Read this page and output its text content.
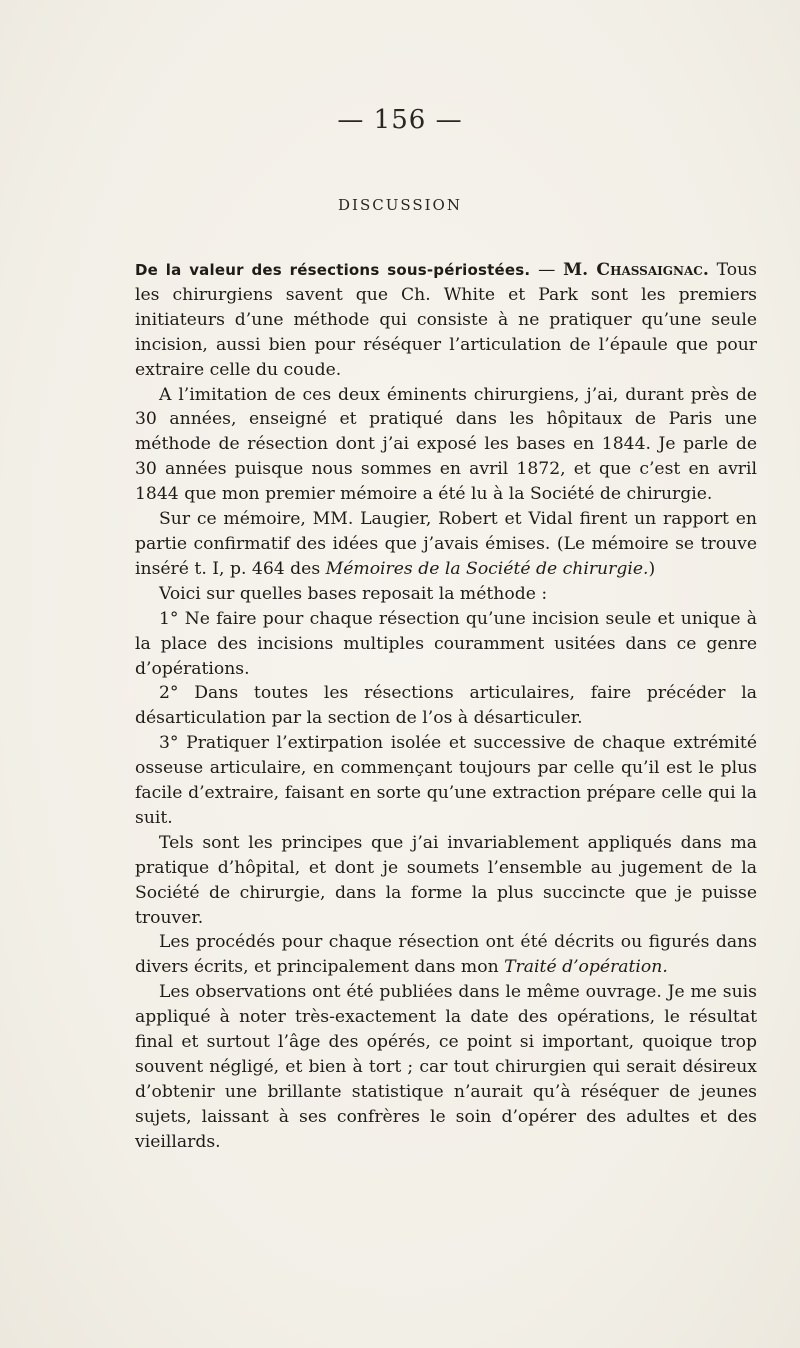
— 156 —
DISCUSSION

De la valeur des résections sous-périostées. — M. Chassaignac. Tous les chirurgiens savent que Ch. White et Park sont les premiers initiateurs d’une méthode qui consiste à ne pratiquer qu’une seule incision, aussi bien pour réséquer l’articulation de l’épaule que pour extraire celle du coude.

A l’imitation de ces deux éminents chirurgiens, j’ai, durant près de 30 années, enseigné et pratiqué dans les hôpitaux de Paris une méthode de résection dont j’ai exposé les bases en 1844. Je parle de 30 années puisque nous sommes en avril 1872, et que c’est en avril 1844 que mon premier mémoire a été lu à la Société de chirurgie.

Sur ce mémoire, MM. Laugier, Robert et Vidal firent un rapport en partie confirmatif des idées que j’avais émises. (Le mémoire se trouve inséré t. I, p. 464 des Mémoires de la Société de chirurgie.)

Voici sur quelles bases reposait la méthode :

1° Ne faire pour chaque résection qu’une incision seule et unique à la place des incisions multiples couramment usitées dans ce genre d’opérations.

2° Dans toutes les résections articulaires, faire précéder la désarticulation par la section de l’os à désarticuler.

3° Pratiquer l’extirpation isolée et successive de chaque extrémité osseuse articulaire, en commençant toujours par celle qu’il est le plus facile d’extraire, faisant en sorte qu’une extraction prépare celle qui la suit.

Tels sont les principes que j’ai invariablement appliqués dans ma pratique d’hôpital, et dont je soumets l’ensemble au jugement de la Société de chirurgie, dans la forme la plus succincte que je puisse trouver.

Les procédés pour chaque résection ont été décrits ou figurés dans divers écrits, et principalement dans mon Traité d’opération.

Les observations ont été publiées dans le même ouvrage. Je me suis appliqué à noter très-exactement la date des opérations, le résultat final et surtout l’âge des opérés, ce point si important, quoique trop souvent négligé, et bien à tort ; car tout chirurgien qui serait désireux d’obtenir une brillante statistique n’aurait qu’à réséquer de jeunes sujets, laissant à ses confrères le soin d’opérer des adultes et des vieillards.
